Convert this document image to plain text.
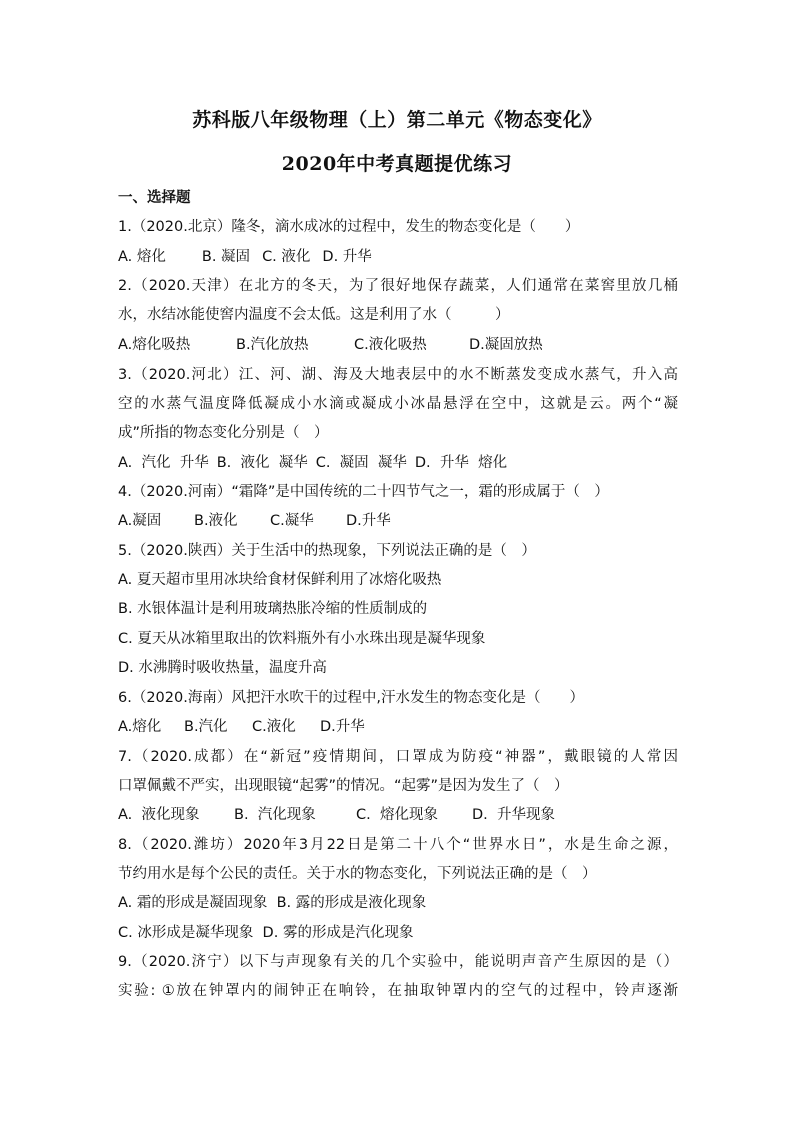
苏科版八年级物理（上）第二单元《物态变化》
2020年中考真题提优练习
一、选择题
1.（2020.北京）隆冬，滴水成冰的过程中，发生的物态变化是（　　）
A. 熔化 B. 凝固 C. 液化 D. 升华
2.（2020.天津）在北方的冬天，为了很好地保存蔬菜，人们通常在菜窖里放几桶
水，水结冰能使窖内温度不会太低。这是利用了水（　　　）
A.熔化吸热	B.汽化放热	C.液化吸热	D.凝固放热
3.（2020.河北）江、河、湖、海及大地表层中的水不断蒸发变成水蒸气，升入高
空的水蒸气温度降低凝成小水滴或凝成小冰晶悬浮在空中，这就是云。两个“凝
成”所指的物态变化分别是（　）
A.  汽化  升华 B.  液化  凝华 C.  凝固  凝华 D.  升华  熔化
4.（2020.河南）“霜降”是中国传统的二十四节气之一，霜的形成属于（　）
A.凝固	B.液化	C.凝华	D.升华
5.（2020.陕西）关于生活中的热现象，下列说法正确的是（　）
A. 夏天超市里用冰块给食材保鲜利用了冰熔化吸热
B. 水银体温计是利用玻璃热胀冷缩的性质制成的
C. 夏天从冰箱里取出的饮料瓶外有小水珠出现是凝华现象
D. 水沸腾时吸收热量，温度升高
6.（2020.海南）风把汗水吹干的过程中,汗水发生的物态变化是（　　）
A.熔化	B.汽化	C.液化	D.升华
7.（2020.成都）在“新冠”疫情期间，口罩成为防疫“神器”，戴眼镜的人常因
口罩佩戴不严实，出现眼镜“起雾”的情况。“起雾”是因为发生了（　）
A.  液化现象	B.  汽化现象	C.  熔化现象	D.  升华现象
8.（2020.潍坊）2020年3月22日是第二十八个“世界水日”，水是生命之源，
节约用水是每个公民的责任。关于水的物态变化，下列说法正确的是（　）
A. 霜的形成是凝固现象  B. 露的形成是液化现象
C. 冰形成是凝华现象  D. 雾的形成是汽化现象
9.（2020.济宁）以下与声现象有关的几个实验中，能说明声音产生原因的是（）
实验: ①放在钟罩内的闹钟正在响铃，在抽取钟罩内的空气的过程中，铃声逐渐
